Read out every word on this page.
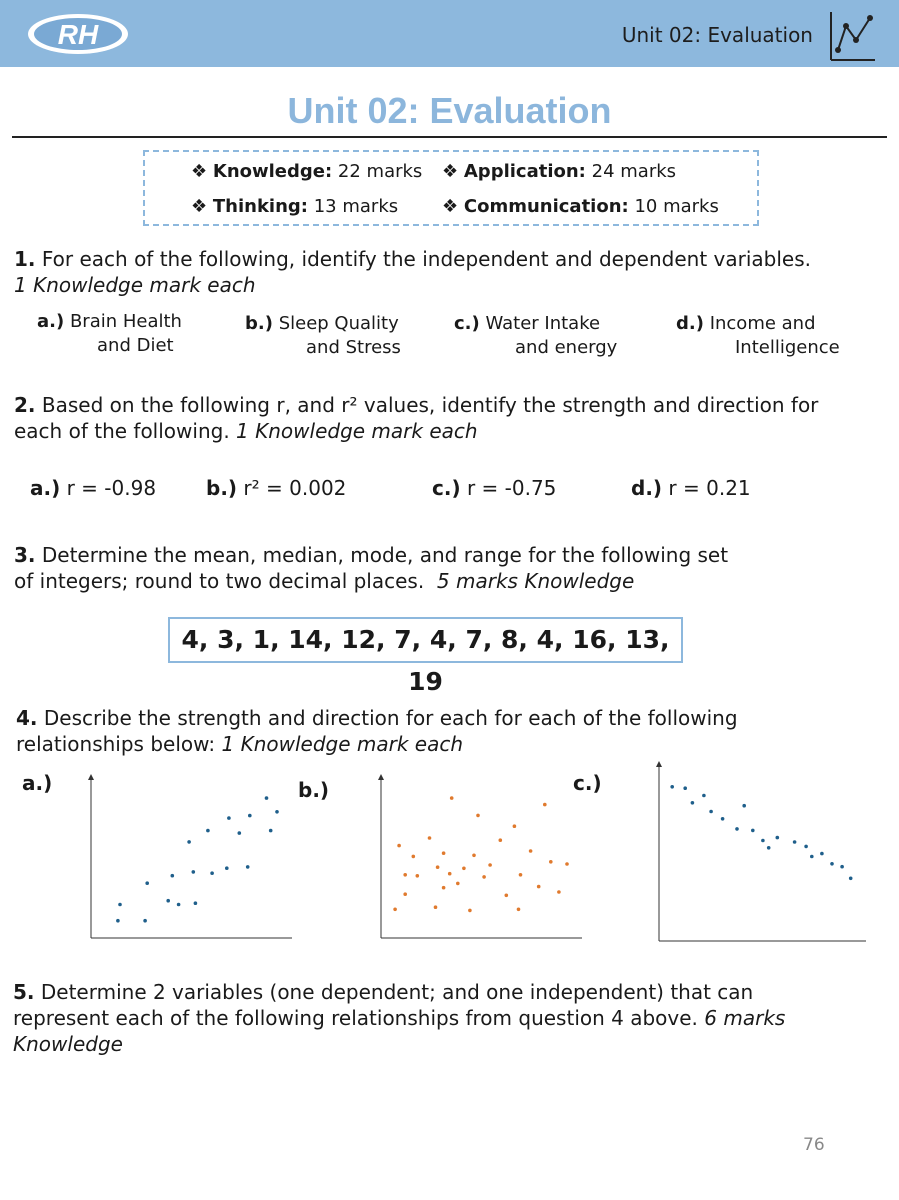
RH	Unit 02: Evaluation
Unit 02: Evaluation
❖ Knowledge: 22 marks ❖ Application: 24 marks
❖ Thinking: 13 marks ❖ Communication: 10 marks
1. For each of the following, identify the independent and dependent variables.
1 Knowledge mark each
a.) Brain Health
and Diet
b.) Sleep Quality
and Stress
c.) Water Intake
and energy
d.) Income and
Intelligence
2. Based on the following r, and r² values, identify the strength and direction for
each of the following. 1 Knowledge mark each
a.) r = -0.98 b.) r² = 0.002	c.) r = -0.75	d.) r = 0.21
3. Determine the mean, median, mode, and range for the following set
of integers; round to two decimal places. 5 marks Knowledge
4, 3, 1, 14, 12, 7, 4, 7, 8, 4, 16, 13, 19
4. Describe the strength and direction for each for each of the following
relationships below: 1 Knowledge mark each
a.)	b.)	c.)
5. Determine 2 variables (one dependent; and one independent) that can
represent each of the following relationships from question 4 above. 6 marks
Knowledge
76
